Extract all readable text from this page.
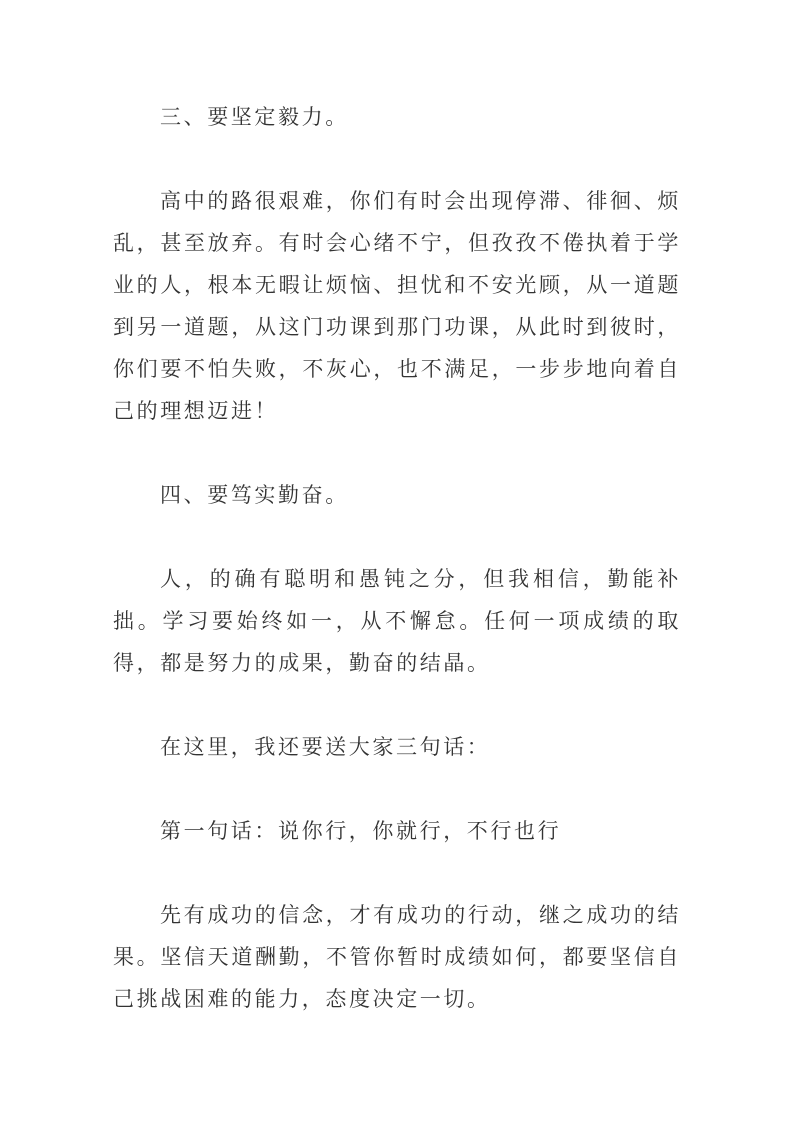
三、要坚定毅力。

高中的路很艰难，你们有时会出现停滞、徘徊、烦乱，甚至放弃。有时会心绪不宁，但孜孜不倦执着于学业的人，根本无暇让烦恼、担忧和不安光顾，从一道题到另一道题，从这门功课到那门功课，从此时到彼时，你们要不怕失败，不灰心，也不满足，一步步地向着自己的理想迈进！

四、要笃实勤奋。

人，的确有聪明和愚钝之分，但我相信，勤能补拙。学习要始终如一，从不懈怠。任何一项成绩的取得，都是努力的成果，勤奋的结晶。

在这里，我还要送大家三句话：

第一句话：说你行，你就行，不行也行

先有成功的信念，才有成功的行动，继之成功的结果。坚信天道酬勤，不管你暂时成绩如何，都要坚信自己挑战困难的能力，态度决定一切。
